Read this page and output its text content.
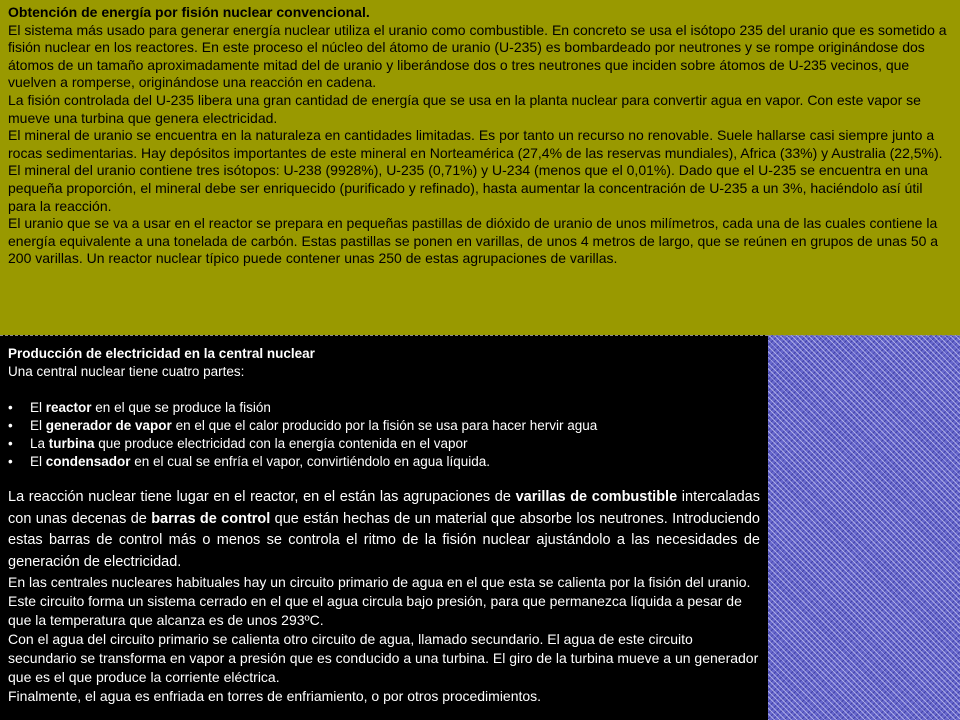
Obtención de energía por fisión nuclear convencional.
El sistema más usado para generar energía nuclear utiliza el uranio como combustible. En concreto se usa el isótopo 235 del uranio que es sometido a fisión nuclear en los reactores. En este proceso el núcleo del átomo de uranio (U-235) es bombardeado por neutrones y se rompe originándose dos átomos de un tamaño aproximadamente mitad del de uranio y liberándose dos o tres neutrones que inciden sobre átomos de U-235 vecinos, que vuelven a romperse, originándose una reacción en cadena.
La fisión controlada del U-235 libera una gran cantidad de energía que se usa en la planta nuclear para convertir agua en vapor. Con este vapor se mueve una turbina que genera electricidad.
El mineral de uranio se encuentra en la naturaleza en cantidades limitadas. Es por tanto un recurso no renovable. Suele hallarse casi siempre junto a rocas sedimentarias. Hay depósitos importantes de este mineral en Norteamérica (27,4% de las reservas mundiales), Africa (33%) y Australia (22,5%).
El mineral del uranio contiene tres isótopos: U-238 (9928%), U-235 (0,71%) y U-234 (menos que el 0,01%). Dado que el U-235 se encuentra en una pequeña proporción, el mineral debe ser enriquecido (purificado y refinado), hasta aumentar la concentración de U-235 a un 3%, haciéndolo así útil para la reacción.
El uranio que se va a usar en el reactor se prepara en pequeñas pastillas de dióxido de uranio de unos milímetros, cada una de las cuales contiene la energía equivalente a una tonelada de carbón. Estas pastillas se ponen en varillas, de unos 4 metros de largo, que se reúnen en grupos de unas 50 a 200 varillas. Un reactor nuclear típico puede contener unas 250 de estas agrupaciones de varillas.
Producción de electricidad en la central nuclear
Una central nuclear tiene cuatro partes:
• El reactor en el que se produce la fisión
• El generador de vapor en el que el calor producido por la fisión se usa para hacer hervir agua
• La turbina que produce electricidad con la energía contenida en el vapor
• El condensador en el cual se enfría el vapor, convirtiéndolo en agua líquida.

La reacción nuclear tiene lugar en el reactor, en el están las agrupaciones de varillas de combustible intercaladas con unas decenas de barras de control que están hechas de un material que absorbe los neutrones. Introduciendo estas barras de control más o menos se controla el ritmo de la fisión nuclear ajustándolo a las necesidades de generación de electricidad.

En las centrales nucleares habituales hay un circuito primario de agua en el que esta se calienta por la fisión del uranio. Este circuito forma un sistema cerrado en el que el agua circula bajo presión, para que permanezca líquida a pesar de que la temperatura que alcanza es de unos 293ºC.

Con el agua del circuito primario se calienta otro circuito de agua, llamado secundario. El agua de este circuito secundario se transforma en vapor a presión que es conducido a una turbina. El giro de la turbina mueve a un generador que es el que produce la corriente eléctrica.

Finalmente, el agua es enfriada en torres de enfriamiento, o por otros procedimientos.
